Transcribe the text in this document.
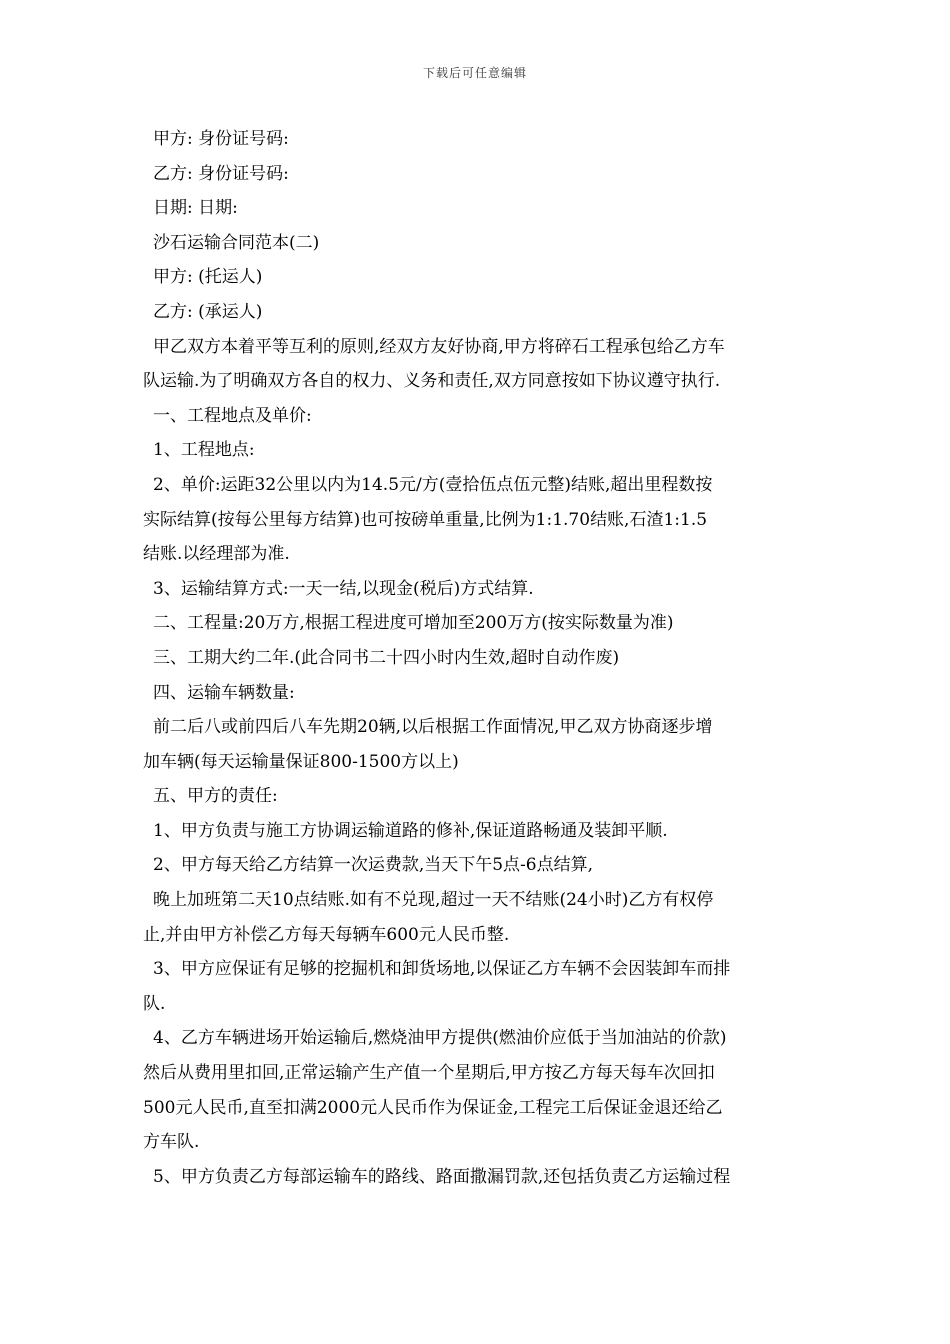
下载后可任意编辑
甲方: 身份证号码:
乙方: 身份证号码:
日期: 日期:
沙石运输合同范本(二)
甲方: (托运人)
乙方: (承运人)
甲乙双方本着平等互利的原则,经双方友好协商,甲方将碎石工程承包给乙方车
队运输.为了明确双方各自的权力、义务和责任,双方同意按如下协议遵守执行.
一、工程地点及单价:
1、工程地点:
2、单价:运距32公里以内为14.5元/方(壹拾伍点伍元整)结账,超出里程数按
实际结算(按每公里每方结算)也可按磅单重量,比例为1:1.70结账,石渣1:1.5
结账.以经理部为准.
3、运输结算方式:一天一结,以现金(税后)方式结算.
二、工程量:20万方,根据工程进度可增加至200万方(按实际数量为准)
三、工期大约二年.(此合同书二十四小时内生效,超时自动作废)
四、运输车辆数量:
前二后八或前四后八车先期20辆,以后根据工作面情况,甲乙双方协商逐步增
加车辆(每天运输量保证800-1500方以上)
五、甲方的责任:
1、甲方负责与施工方协调运输道路的修补,保证道路畅通及装卸平顺.
2、甲方每天给乙方结算一次运费款,当天下午5点-6点结算,
晚上加班第二天10点结账.如有不兑现,超过一天不结账(24小时)乙方有权停
止,并由甲方补偿乙方每天每辆车600元人民币整.
3、甲方应保证有足够的挖掘机和卸货场地,以保证乙方车辆不会因装卸车而排
队.
4、乙方车辆进场开始运输后,燃烧油甲方提供(燃油价应低于当加油站的价款)
然后从费用里扣回,正常运输产生产值一个星期后,甲方按乙方每天每车次回扣
500元人民币,直至扣满2000元人民币作为保证金,工程完工后保证金退还给乙
方车队.
5、甲方负责乙方每部运输车的路线、路面撒漏罚款,还包括负责乙方运输过程
